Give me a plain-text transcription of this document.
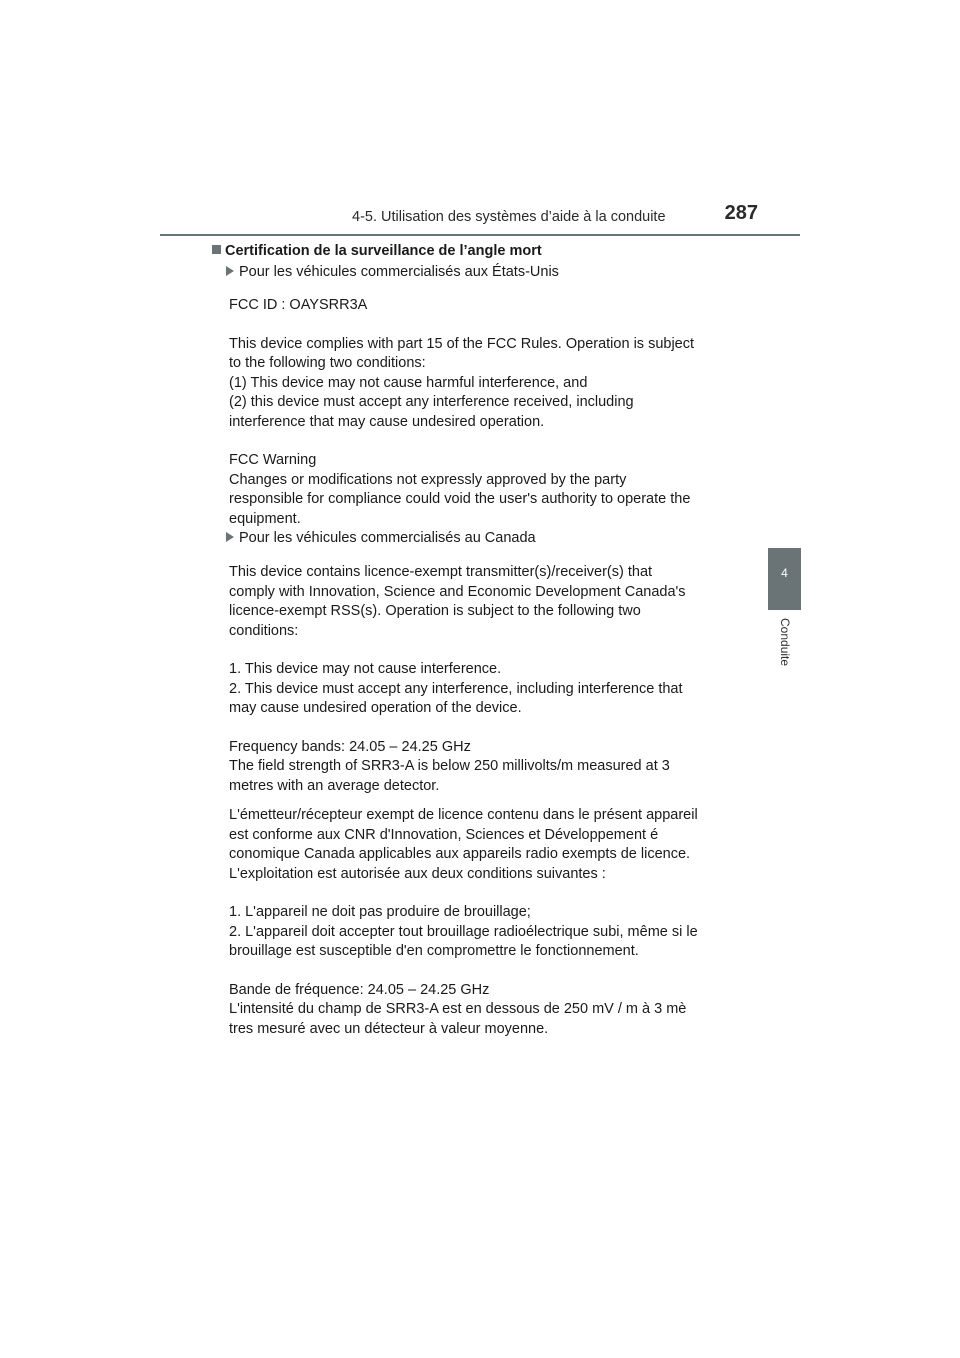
4-5. Utilisation des systèmes d’aide à la conduite	287
4
Conduite
Certification de la surveillance de l’angle mort
Pour les véhicules commercialisés aux États-Unis

FCC ID : OAYSRR3A

This device complies with part 15 of the FCC Rules. Operation is subject

to the following two conditions:

(1) This device may not cause harmful interference, and

(2) this device must accept any interference received, including

interference that may cause undesired operation.

FCC Warning

Changes or modifications not expressly approved by the party

responsible for compliance could void the user's authority to operate the

equipment.

Pour les véhicules commercialisés au Canada

This device contains licence-exempt transmitter(s)/receiver(s) that

comply with Innovation, Science and Economic Development Canada's

licence-exempt RSS(s). Operation is subject to the following two

conditions:

1. This device may not cause interference.

2. This device must accept any interference, including interference that

may cause undesired operation of the device.

Frequency bands: 24.05 – 24.25 GHz

The field strength of SRR3-A is below 250 millivolts/m measured at 3

metres with an average detector.

L'émetteur/récepteur exempt de licence contenu dans le présent appareil

est conforme aux CNR d'Innovation, Sciences et Développement é

conomique Canada applicables aux appareils radio exempts de licence.

L'exploitation est autorisée aux deux conditions suivantes :

1. L'appareil ne doit pas produire de brouillage;

2. L'appareil doit accepter tout brouillage radioélectrique subi, même si le

brouillage est susceptible d'en compromettre le fonctionnement.

Bande de fréquence: 24.05 – 24.25 GHz

L'intensité du champ de SRR3-A est en dessous de 250 mV / m à 3 mè

tres mesuré avec un détecteur à valeur moyenne.
